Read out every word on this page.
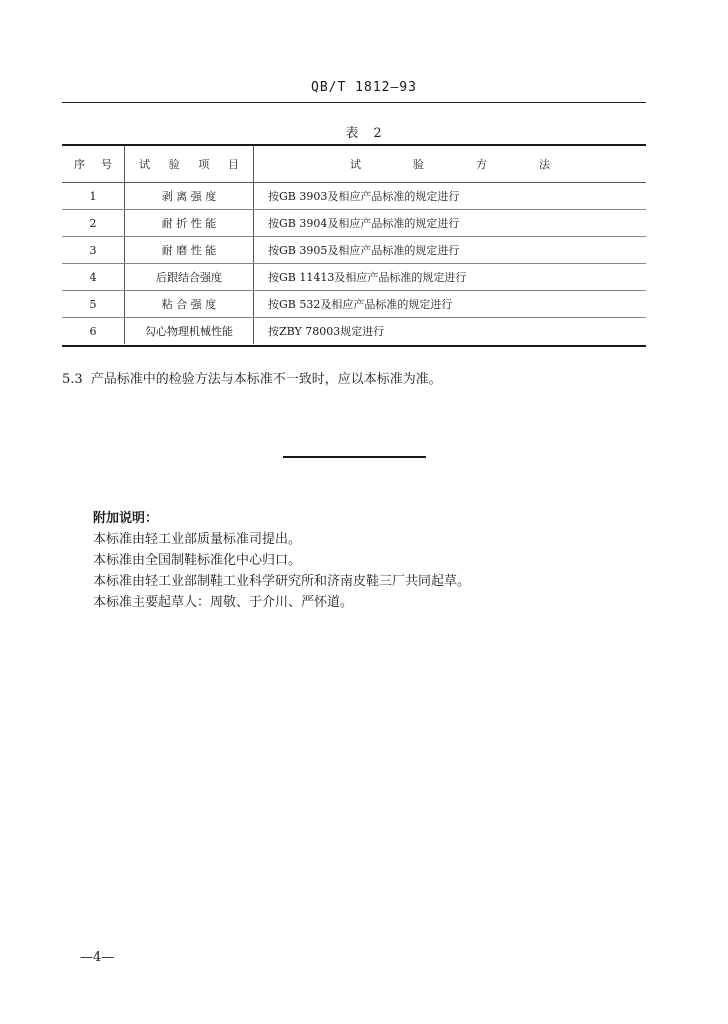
QB/T 1812—93
表　2
序 号	试 验 项 目	试 验 方 法

1	剥 离 强 度	按GB 3903及相应产品标准的规定进行
2	耐 折 性 能	按GB 3904及相应产品标准的规定进行
3	耐 磨 性 能	按GB 3905及相应产品标准的规定进行
4	后跟结合强度	按GB 11413及相应产品标准的规定进行
5	粘 合 强 度	按GB 532及相应产品标准的规定进行
6	勾心物理机械性能	按ZBY 78003规定进行
5.3 产品标准中的检验方法与本标准不一致时，应以本标准为准。
附加说明：
本标准由轻工业部质量标准司提出。
本标准由全国制鞋标准化中心归口。
本标准由轻工业部制鞋工业科学研究所和济南皮鞋三厂共同起草。
本标准主要起草人：周敬、于介川、严怀道。
—4—
